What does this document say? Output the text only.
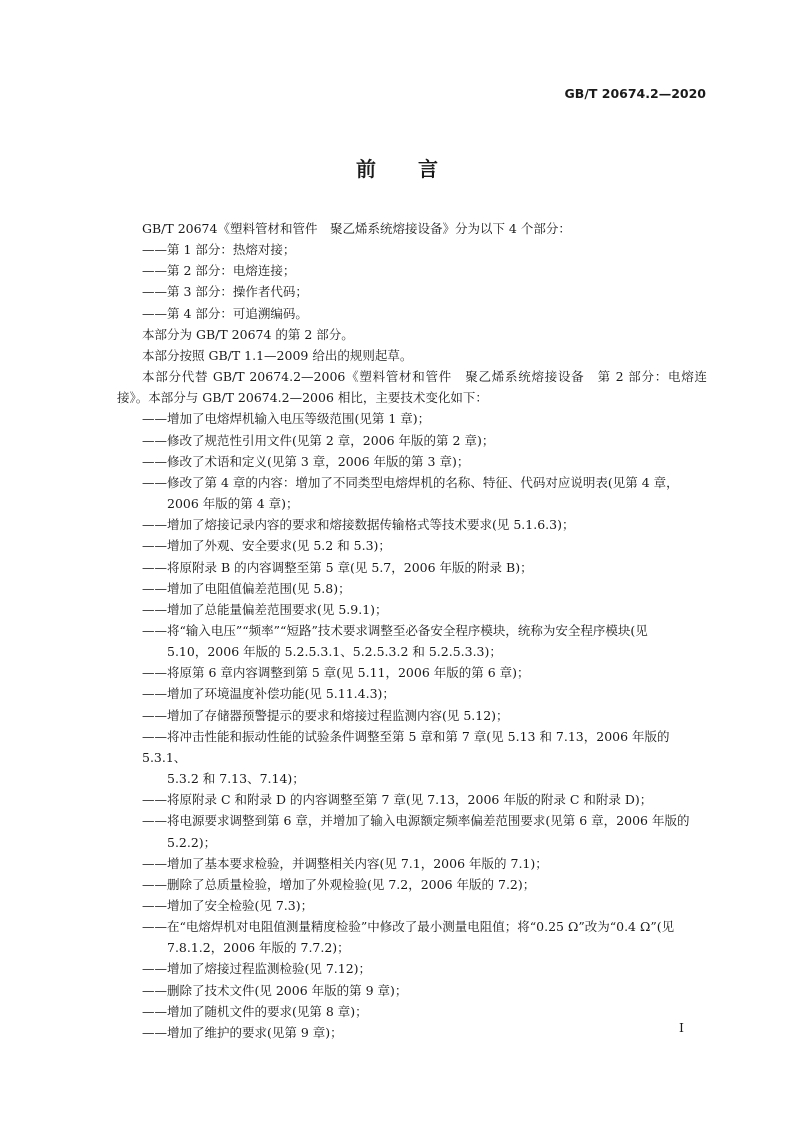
GB/T 20674.2—2020
前言

GB/T 20674《塑料管材和管件　聚乙烯系统熔接设备》分为以下 4 个部分：

——第 1 部分：热熔对接；

——第 2 部分：电熔连接；

——第 3 部分：操作者代码；

——第 4 部分：可追溯编码。

本部分为 GB/T 20674 的第 2 部分。

本部分按照 GB/T 1.1—2009 给出的规则起草。

本部分代替 GB/T 20674.2—2006《塑料管材和管件　聚乙烯系统熔接设备　第 2 部分：电熔连接》。本部分与 GB/T 20674.2—2006 相比，主要技术变化如下：

——增加了电熔焊机输入电压等级范围(见第 1 章)；

——修改了规范性引用文件(见第 2 章，2006 年版的第 2 章)；

——修改了术语和定义(见第 3 章，2006 年版的第 3 章)；

——修改了第 4 章的内容：增加了不同类型电熔焊机的名称、特征、代码对应说明表(见第 4 章，
2006 年版的第 4 章)；

——增加了熔接记录内容的要求和熔接数据传输格式等技术要求(见 5.1.6.3)；

——增加了外观、安全要求(见 5.2 和 5.3)；

——将原附录 B 的内容调整至第 5 章(见 5.7，2006 年版的附录 B)；

——增加了电阻值偏差范围(见 5.8)；

——增加了总能量偏差范围要求(见 5.9.1)；

——将“输入电压”“频率”“短路”技术要求调整至必备安全程序模块，统称为安全程序模块(见
5.10，2006 年版的 5.2.5.3.1、5.2.5.3.2 和 5.2.5.3.3)；

——将原第 6 章内容调整到第 5 章(见 5.11，2006 年版的第 6 章)；

——增加了环境温度补偿功能(见 5.11.4.3)；

——增加了存储器预警提示的要求和熔接过程监测内容(见 5.12)；

——将冲击性能和振动性能的试验条件调整至第 5 章和第 7 章(见 5.13 和 7.13，2006 年版的 5.3.1、
5.3.2 和 7.13、7.14)；

——将原附录 C 和附录 D 的内容调整至第 7 章(见 7.13，2006 年版的附录 C 和附录 D)；

——将电源要求调整到第 6 章，并增加了输入电源额定频率偏差范围要求(见第 6 章，2006 年版的
5.2.2)；

——增加了基本要求检验，并调整相关内容(见 7.1，2006 年版的 7.1)；

——删除了总质量检验，增加了外观检验(见 7.2，2006 年版的 7.2)；

——增加了安全检验(见 7.3)；

——在“电熔焊机对电阻值测量精度检验”中修改了最小测量电阻值；将“0.25 Ω”改为“0.4 Ω”(见
7.8.1.2，2006 年版的 7.7.2)；

——增加了熔接过程监测检验(见 7.12)；

——删除了技术文件(见 2006 年版的第 9 章)；

——增加了随机文件的要求(见第 8 章)；

——增加了维护的要求(见第 9 章)；	I
